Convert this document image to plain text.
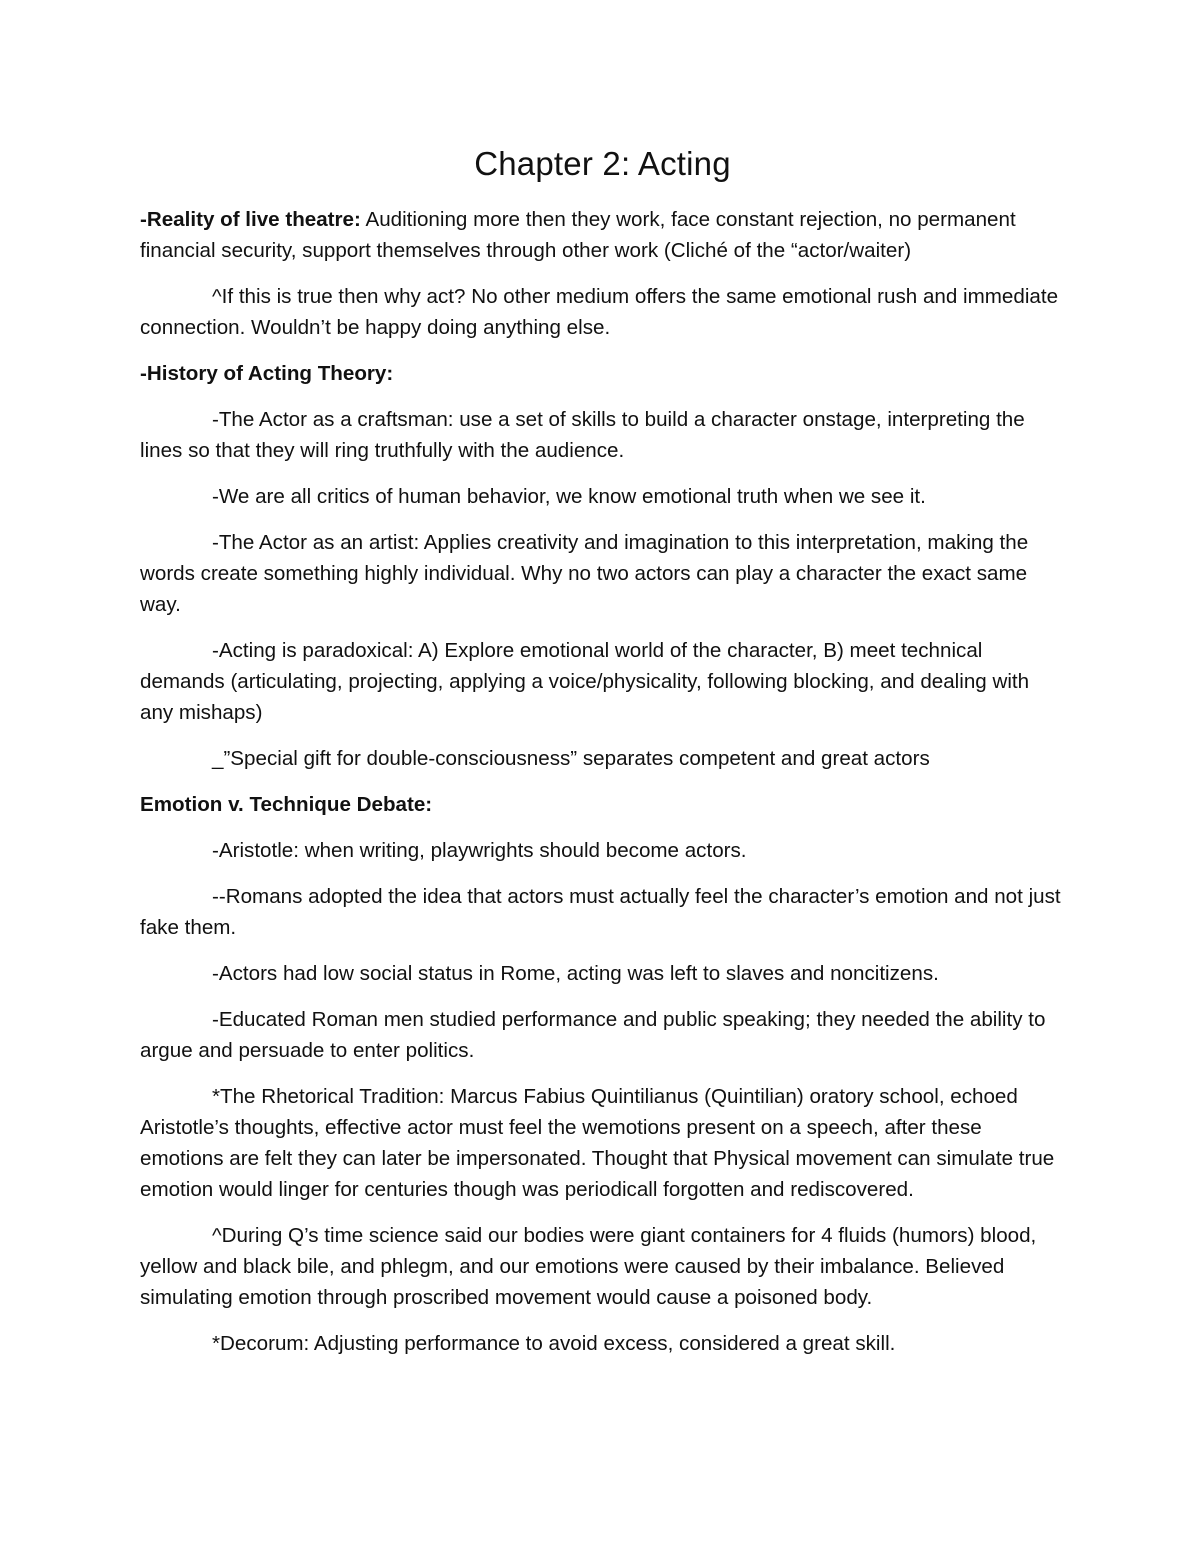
Chapter 2: Acting

-Reality of live theatre: Auditioning more then they work, face constant rejection, no permanent financial security, support themselves through other work (Cliché of the “actor/waiter)

^If this is true then why act? No other medium offers the same emotional rush and immediate connection. Wouldn’t be happy doing anything else.

-History of Acting Theory:

-The Actor as a craftsman: use a set of skills to build a character onstage, interpreting the lines so that they will ring truthfully with the audience.

-We are all critics of human behavior, we know emotional truth when we see it.

-The Actor as an artist: Applies creativity and imagination to this interpretation, making the words create something highly individual. Why no two actors can play a character the exact same way.

-Acting is paradoxical: A) Explore emotional world of the character, B) meet technical demands (articulating, projecting, applying a voice/physicality, following blocking, and dealing with any mishaps)

_”Special gift for double-consciousness” separates competent and great actors

Emotion v. Technique Debate:

-Aristotle: when writing, playwrights should become actors.

--Romans adopted the idea that actors must actually feel the character’s emotion and not just fake them.

-Actors had low social status in Rome, acting was left to slaves and noncitizens.

-Educated Roman men studied performance and public speaking; they needed the ability to argue and persuade to enter politics.

*The Rhetorical Tradition: Marcus Fabius Quintilianus (Quintilian) oratory school, echoed Aristotle’s thoughts, effective actor must feel the wemotions present on a speech, after these emotions are felt they can later be impersonated. Thought that Physical movement can simulate true emotion would linger for centuries though was periodicall forgotten and rediscovered.

^During Q’s time science said our bodies were giant containers for 4 fluids (humors) blood, yellow and black bile, and phlegm, and our emotions were caused by their imbalance. Believed simulating emotion through proscribed movement would cause a poisoned body.

*Decorum: Adjusting performance to avoid excess, considered a great skill.
